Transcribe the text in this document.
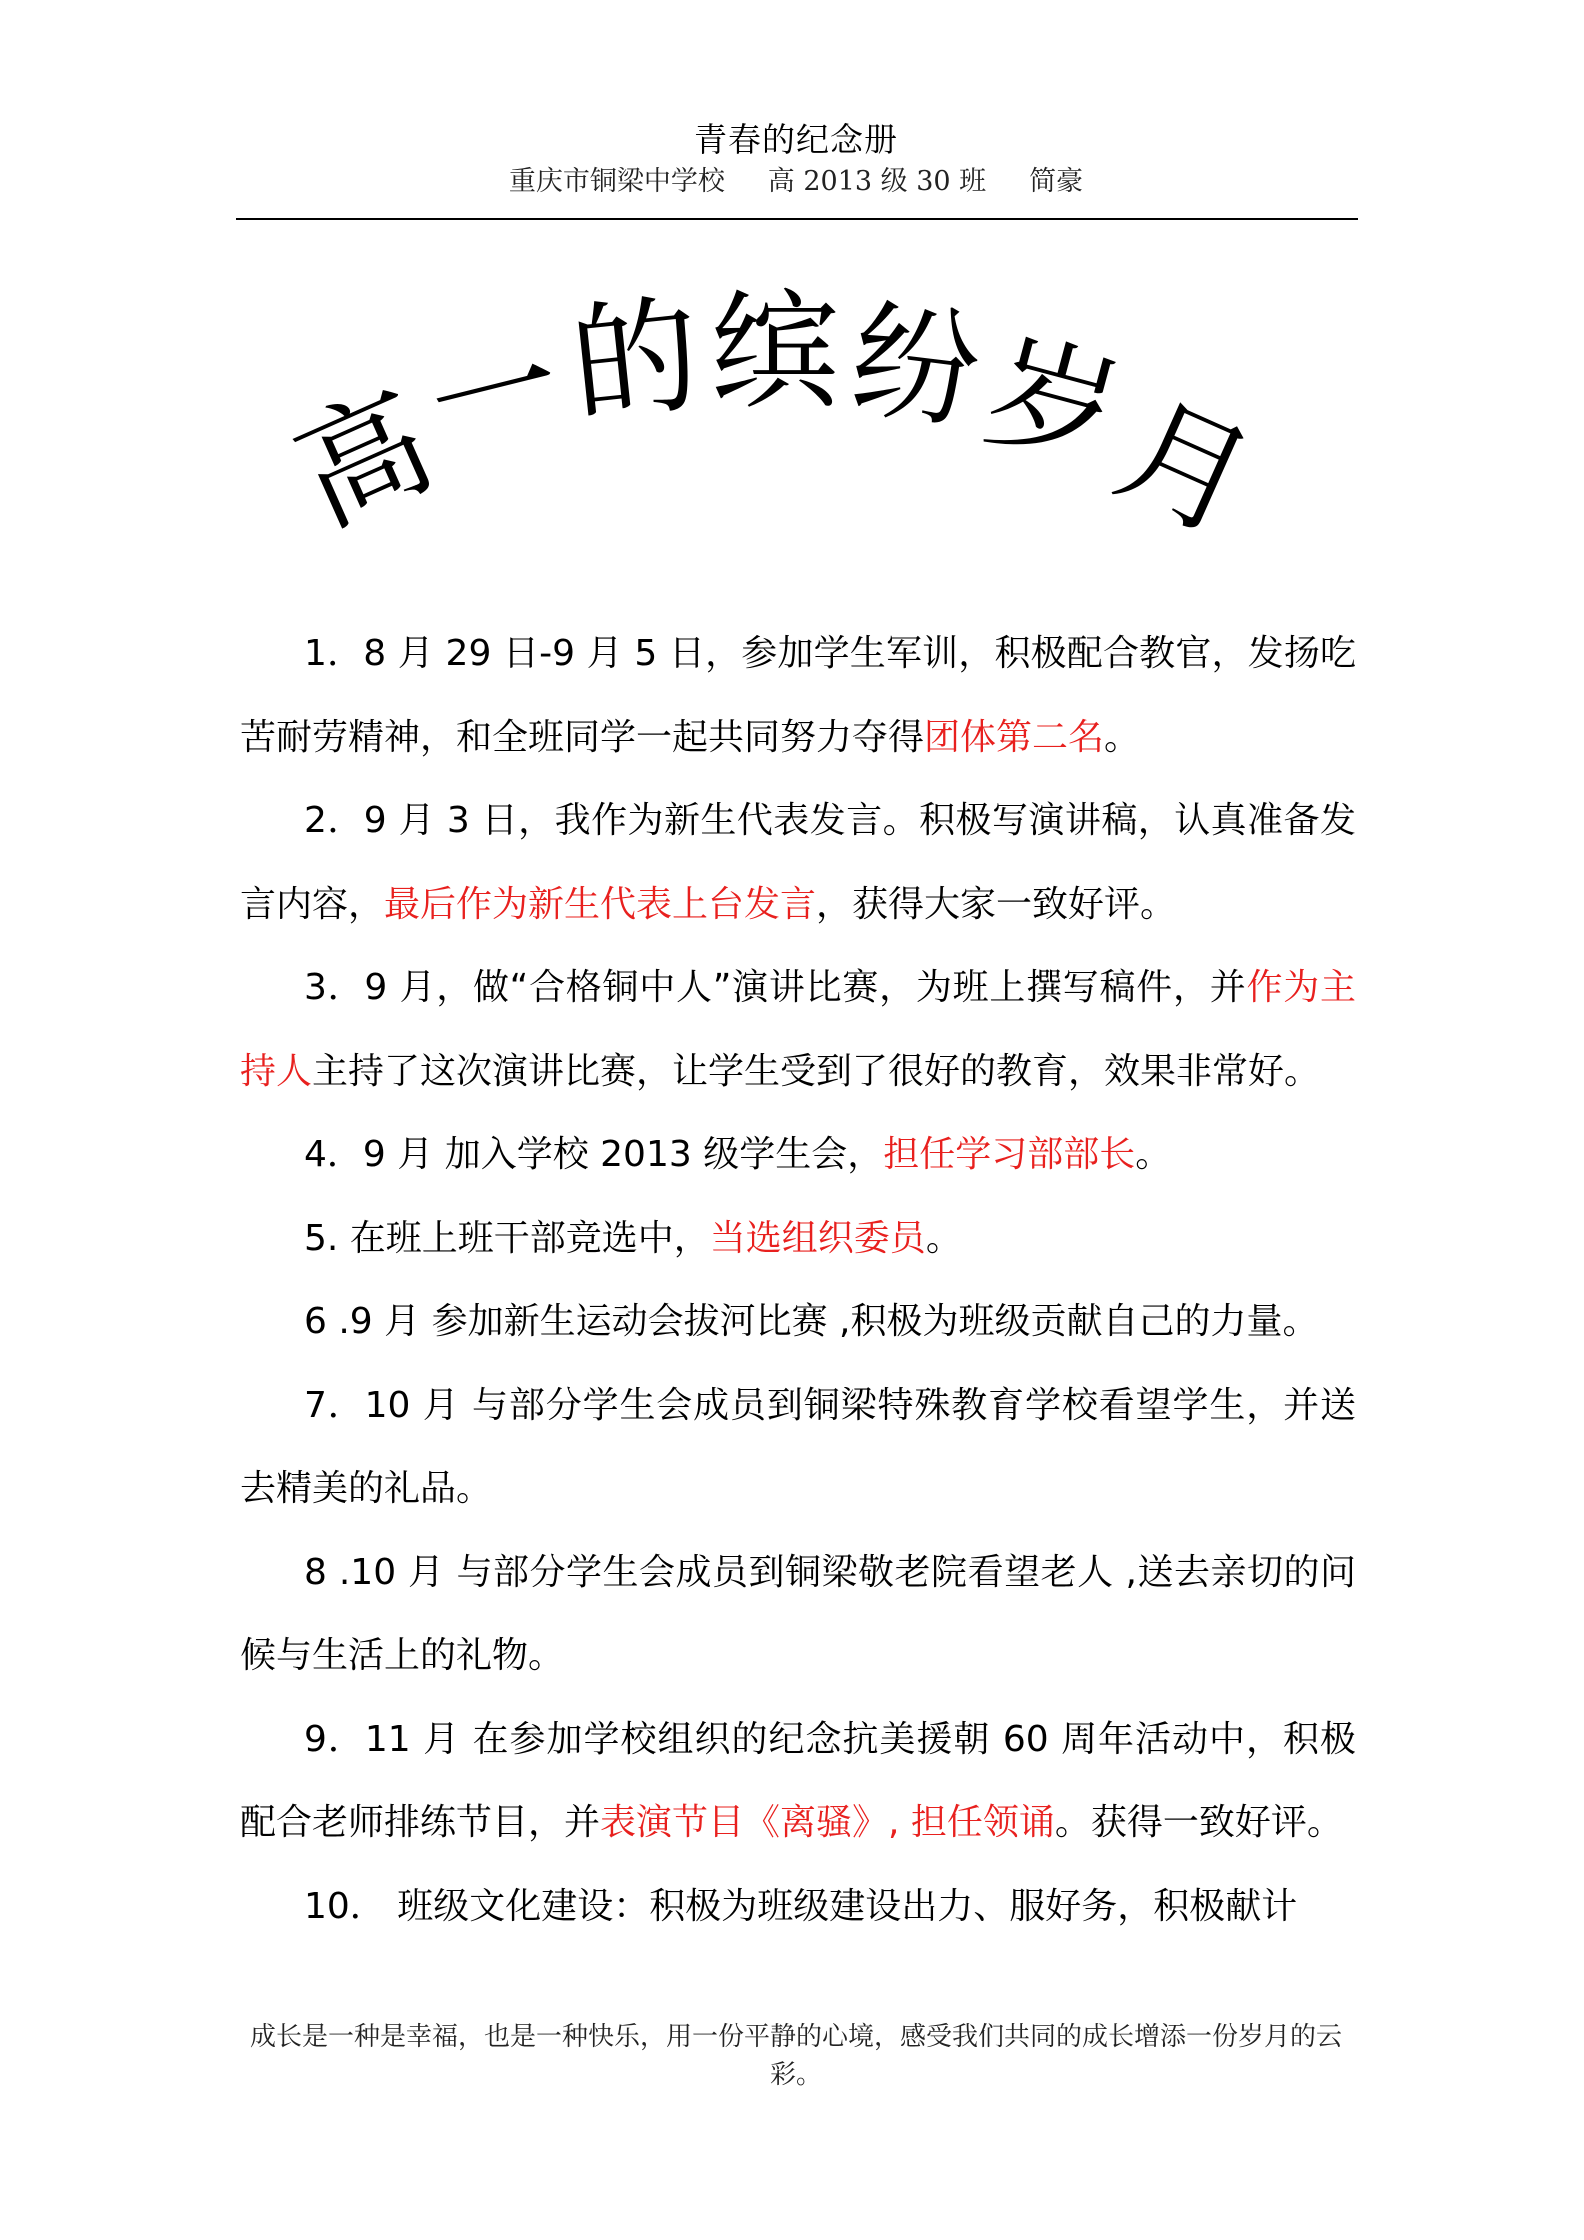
青春的纪念册
重庆市铜梁中学校     高 2013 级 30 班     简豪
高
一
的 缤 纷
岁
月

1．8 月 29 日-9 月 5 日，参加学生军训，积极配合教官，发扬吃苦耐劳精神，和全班同学一起共同努力夺得团体第二名。

2．9 月 3 日，我作为新生代表发言。积极写演讲稿，认真准备发言内容，最后作为新生代表上台发言，获得大家一致好评。

3．9 月，做“合格铜中人”演讲比赛，为班上撰写稿件，并作为主持人主持了这次演讲比赛，让学生受到了很好的教育，效果非常好。

4．9 月 加入学校 2013 级学生会，担任学习部部长。

5. 在班上班干部竞选中，当选组织委员。

6 .9 月 参加新生运动会拔河比赛 ,积极为班级贡献自己的力量。

7．10 月 与部分学生会成员到铜梁特殊教育学校看望学生，并送去精美的礼品。

8 .10 月 与部分学生会成员到铜梁敬老院看望老人 ,送去亲切的问候与生活上的礼物。

9．11 月 在参加学校组织的纪念抗美援朝 60 周年活动中，积极配合老师排练节目，并表演节目《离骚》, 担任领诵。获得一致好评。

10． 班级文化建设：积极为班级建设出力、服好务，积极献计

成长是一种是幸福，也是一种快乐，用一份平静的心境，感受我们共同的成长增添一份岁月的云彩。
